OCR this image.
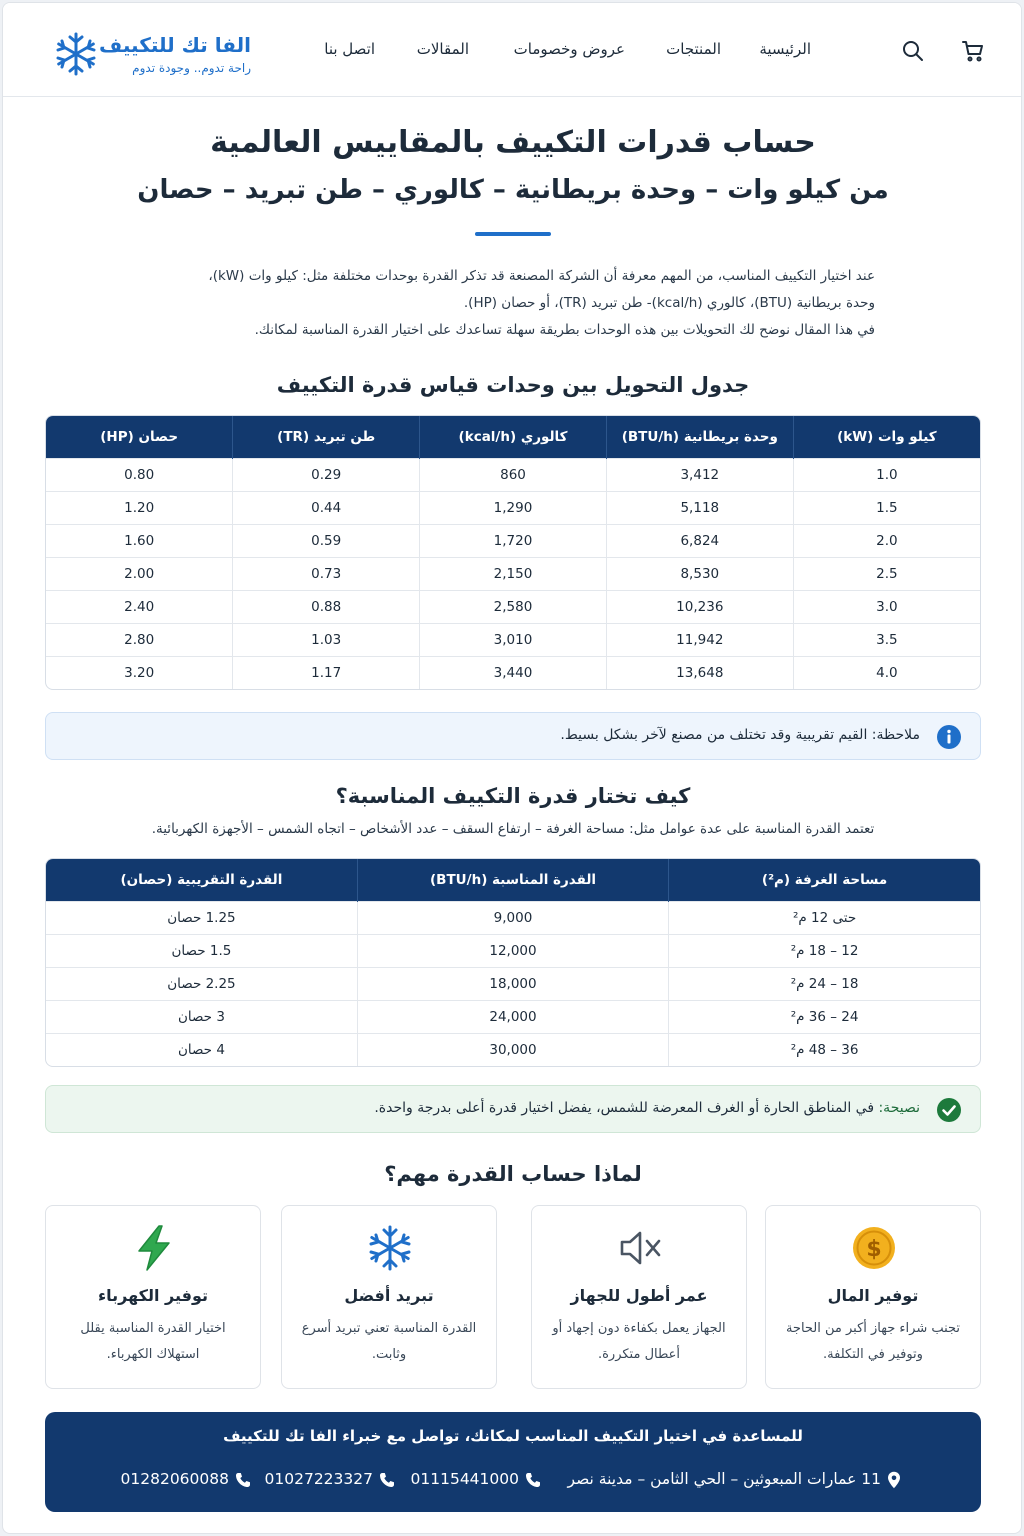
الفا تك للتكييف
راحة تدوم.. وجودة تدوم
الرئيسية
المنتجات
عروض وخصومات
المقالات
اتصل بنا
حساب قدرات التكييف بالمقاييس العالمية
من كيلو وات – وحدة بريطانية – كالوري – طن تبريد – حصان
عند اختيار التكييف المناسب، من المهم معرفة أن الشركة المصنعة قد تذكر القدرة بوحدات مختلفة مثل: كيلو وات (kW)،
وحدة بريطانية (BTU)، كالوري (kcal/h)- طن تبريد (TR)، أو حصان (HP).
في هذا المقال نوضح لك التحويلات بين هذه الوحدات بطريقة سهلة تساعدك على اختيار القدرة المناسبة لمكانك.
جدول التحويل بين وحدات قياس قدرة التكييف
كيلو وات (kW)	وحدة بريطانية (BTU/h)	كالوري (kcal/h)	طن تبريد (TR)	حصان (HP)
1.0	3,412	860	0.29	0.80
1.5	5,118	1,290	0.44	1.20
2.0	6,824	1,720	0.59	1.60
2.5	8,530	2,150	0.73	2.00
3.0	10,236	2,580	0.88	2.40
3.5	11,942	3,010	1.03	2.80
4.0	13,648	3,440	1.17	3.20
ملاحظة: القيم تقريبية وقد تختلف من مصنع لآخر بشكل بسيط.
كيف تختار قدرة التكييف المناسبة؟
تعتمد القدرة المناسبة على عدة عوامل مثل: مساحة الغرفة – ارتفاع السقف – عدد الأشخاص – اتجاه الشمس – الأجهزة الكهربائية.
مساحة الغرفة (م²)	القدرة المناسبة (BTU/h)	القدرة التقريبية (حصان)
حتى 12 م²	9,000	1.25 حصان
12 – 18 م²	12,000	1.5 حصان
18 – 24 م²	18,000	2.25 حصان
24 – 36 م²	24,000	3 حصان
36 – 48 م²	30,000	4 حصان
نصيحة: في المناطق الحارة أو الغرف المعرضة للشمس، يفضل اختيار قدرة أعلى بدرجة واحدة.
لماذا حساب القدرة مهم؟
$
توفير المال
تجنب شراء جهاز أكبر من الحاجة وتوفير في التكلفة.
عمر أطول للجهاز
الجهاز يعمل بكفاءة دون إجهاد أو أعطال متكررة.
تبريد أفضل
القدرة المناسبة تعني تبريد أسرع وثابت.
توفير الكهرباء
اختيار القدرة المناسبة يقلل استهلاك الكهرباء.
للمساعدة في اختيار التكييف المناسب لمكانك، تواصل مع خبراء الفا تك للتكييف
11 عمارات المبعوثين – الحي الثامن – مدينة نصر
01115441000
01027223327
01282060088
